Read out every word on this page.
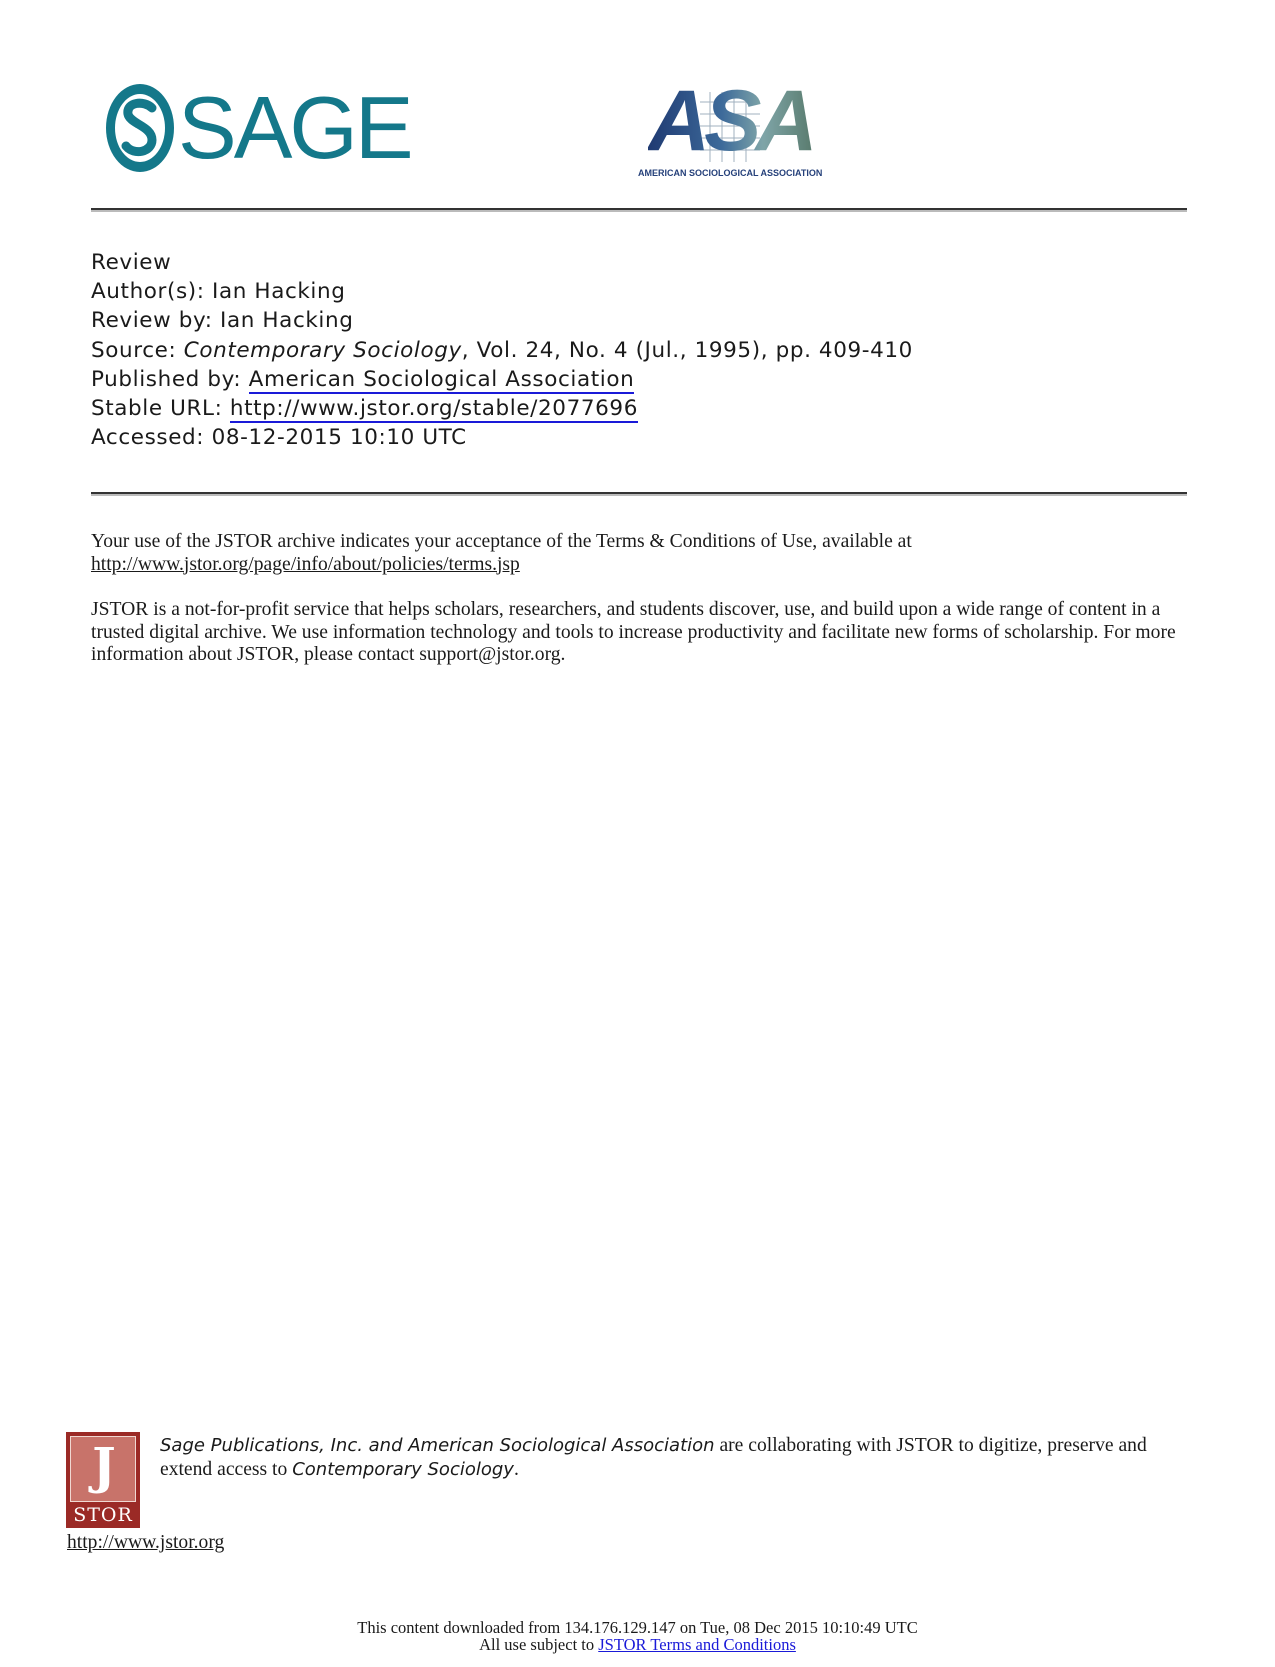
SAGE	ASA
AMERICAN SOCIOLOGICAL ASSOCIATION
Review
Author(s): Ian Hacking
Review by: Ian Hacking
Source: Contemporary Sociology, Vol. 24, No. 4 (Jul., 1995), pp. 409-410
Published by: American Sociological Association
Stable URL: http://www.jstor.org/stable/2077696
Accessed: 08-12-2015 10:10 UTC
Your use of the JSTOR archive indicates your acceptance of the Terms & Conditions of Use, available at http://www.jstor.org/page/info/about/policies/terms.jsp
JSTOR is a not-for-profit service that helps scholars, researchers, and students discover, use, and build upon a wide range of content in a trusted digital archive. We use information technology and tools to increase productivity and facilitate new forms of scholarship. For more information about JSTOR, please contact support@jstor.org.
J
STOR
Sage Publications, Inc. and American Sociological Association are collaborating with JSTOR to digitize, preserve and extend access to Contemporary Sociology.
http://www.jstor.org
This content downloaded from 134.176.129.147 on Tue, 08 Dec 2015 10:10:49 UTC
All use subject to JSTOR Terms and Conditions
